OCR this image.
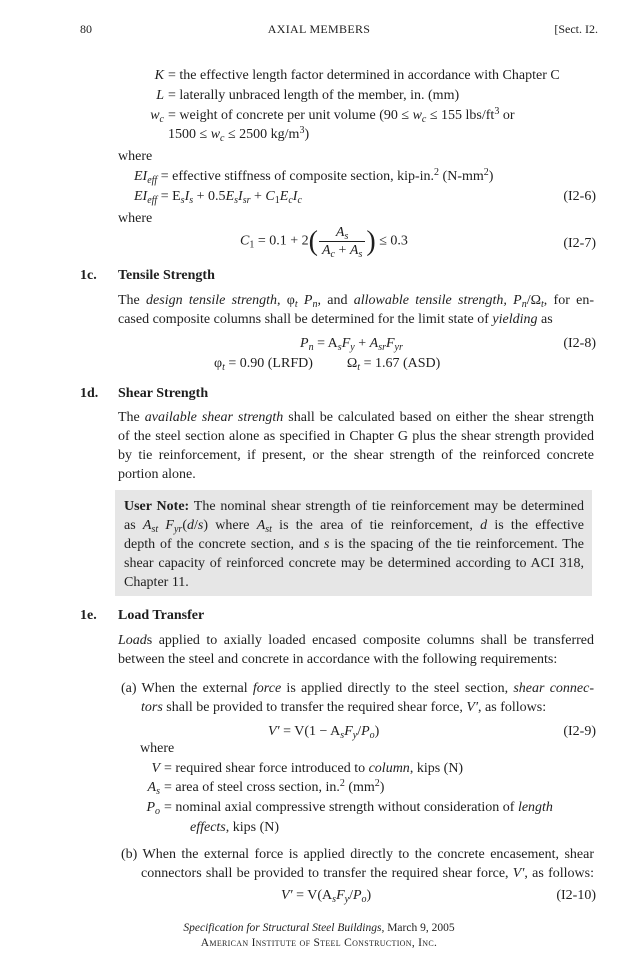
80	AXIAL MEMBERS	[Sect. I2.
K = the effective length factor determined in accordance with Chapter C
L = laterally unbraced length of the member, in. (mm)
$w_c$ = weight of concrete per unit volume ($90 \le w_c \le 155$ lbs/$ft^3$ or
$1500 \le w_c \le 2500$ $kg/m^3$)
where
$EI_{eff}$ = effective stiffness of composite section, kip-in.$^2$ $(N-mm^2)$
$EI_{eff} = E_sI_s + 0.5E_sI_{sr} + C_1E_cI_c$	(I2-6)
where
$C_1 = 0.1 + 2( \frac{A_s}{A_c + A_s}$ ) ≤ 0.3	(I2-7)
1c. Tensile Strength
The design tensile strength, $\varphi_t$ $P_n$, and allowable tensile strength, $P_n/\Omega_t$, for en-
cased composite columns shall be determined for the limit state of yielding as
$P_n = A_sF_y + A_{sr}F_{yr}$	(I2-8)
$\varphi_t = 0.90$ (LRFD) $\Omega_t = 1.67$ (ASD)
1d. Shear Strength
The available shear strength shall be calculated based on either the shear strength
of the steel section alone as specified in Chapter G plus the shear strength provided
by tie reinforcement, if present, or the shear strength of the reinforced concrete
portion alone.
User Note: The nominal shear strength of tie reinforcement may be determined
as $A_{st}$ $F_{yr}(d/s)$ where $A_{st}$ is the area of tie reinforcement, d is the effective
depth of the concrete section, and s is the spacing of the tie reinforcement. The
shear capacity of reinforced concrete may be determined according to ACI 318,
Chapter 11.
1e. Load Transfer
Loads applied to axially loaded encased composite columns shall be transferred
between the steel and concrete in accordance with the following requirements:
(a) When the external force is applied directly to the steel section, shear connec-
tors shall be provided to transfer the required shear force, V′, as follows:
$V' = V(1 - A_sF_y/P_o)$	(I2-9)
where
V = required shear force introduced to column, kips (N)
$A_s$ = area of steel cross section, in.$^2$ $(mm^2)$
$P_o$ = nominal axial compressive strength without consideration of length
effects, kips (N)
(b) When the external force is applied directly to the concrete encasement, shear
connectors shall be provided to transfer the required shear force, V′, as follows:
$V' = V(A_sF_y/P_o)$	(I2-10)
Specification for Structural Steel Buildings, March 9, 2005
American Institute of Steel Construction, Inc.
